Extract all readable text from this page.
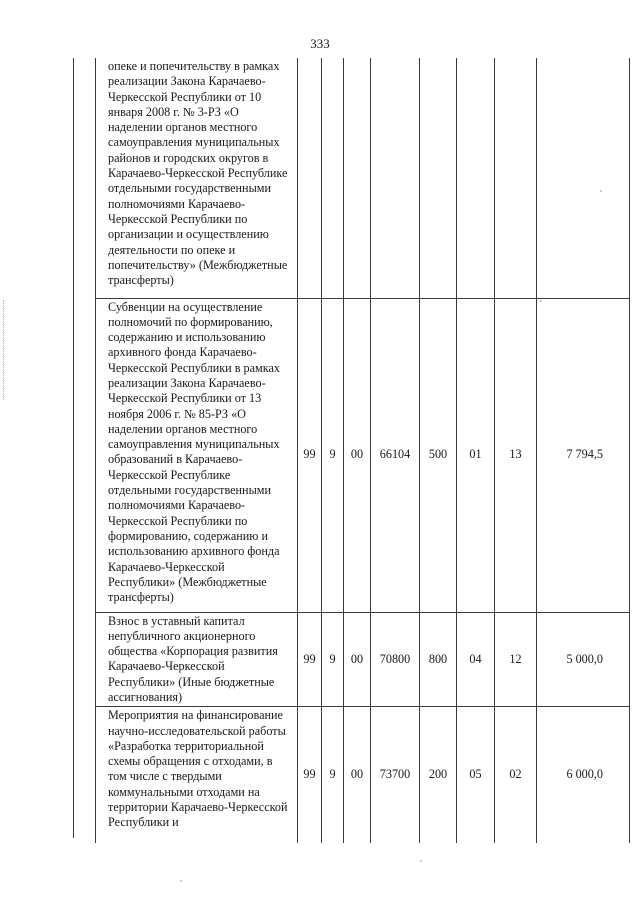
333
опеке и попечительству в рамках реализации Закона Карачаево-Черкесской Республики от 10 января 2008 г. № 3-РЗ «О наделении органов местного самоуправления муниципальных районов и городских округов в Карачаево-Черкесской Республике отдельными государственными полномочиями Карачаево-Черкесской Республики по организации и осуществлению деятельности по опеке и попечительству» (Межбюджетные трансферты)								
Субвенции на осуществление полномочий по формированию, содержанию и использованию архивного фонда Карачаево-Черкесской Республики в рамках реализации Закона Карачаево-Черкесской Республики от 13 ноября 2006 г. № 85-РЗ «О наделении органов местного самоуправления муниципальных образований в Карачаево-Черкесской Республике отдельными государственными полномочиями Карачаево-Черкесской Республики по формированию, содержанию и использованию архивного фонда Карачаево-Черкесской Республики» (Межбюджетные трансферты)	99	9	00	66104	500	01	13	7 794,5
Взнос в уставный капитал непубличного акционерного общества «Корпорация развития Карачаево-Черкесской Республики» (Иные бюджетные ассигнования)	99	9	00	70800	800	04	12	5 000,0
Мероприятия на финансирование научно-исследовательской работы «Разработка территориальной схемы обращения с отходами, в том числе с твердыми коммунальными отходами на территории Карачаево-Черкесской Республики и	99	9	00	73700	200	05	02	6 000,0
